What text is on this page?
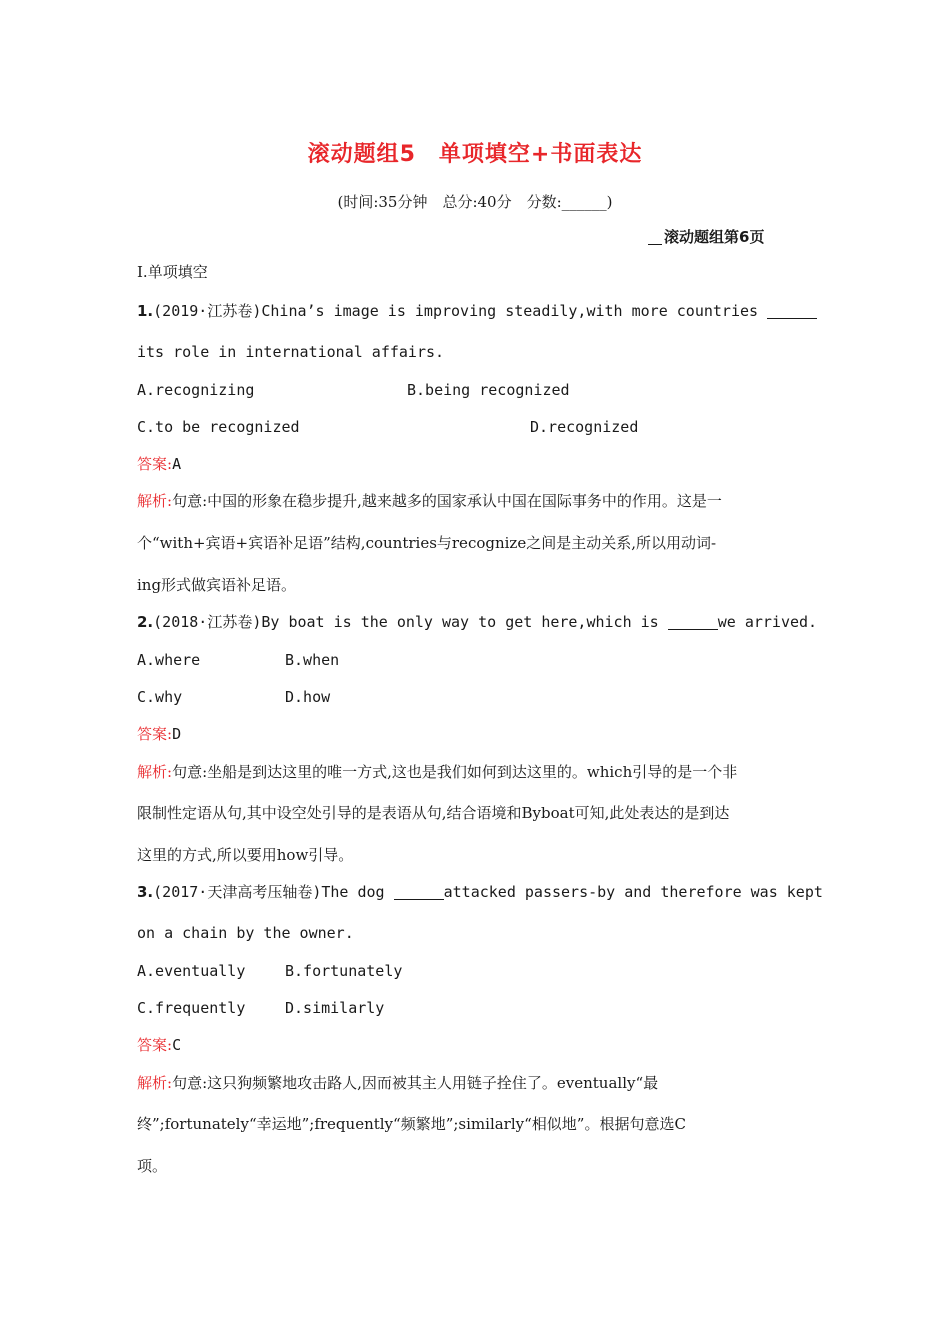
滚动题组5　单项填空+书面表达
(时间:35分钟　总分:40分　分数:______)
滚动题组第6页
Ⅰ.单项填空
1.(2019·江苏卷)China’s image is improving steadily,with more countries
its role in international affairs.
A.recognizing	B.being recognized
C.to be recognized	D.recognized
答案:A
解析:句意:中国的形象在稳步提升,越来越多的国家承认中国在国际事务中的作用。这是一
个“with+宾语+宾语补足语”结构,countries与recognize之间是主动关系,所以用动词-
ing形式做宾语补足语。
2.(2018·江苏卷)By boat is the only way to get here,which is	we arrived.
A.where	B.when
C.why	D.how
答案:D
解析:句意:坐船是到达这里的唯一方式,这也是我们如何到达这里的。which引导的是一个非
限制性定语从句,其中设空处引导的是表语从句,结合语境和Byboat可知,此处表达的是到达
这里的方式,所以要用how引导。
3.(2017·天津高考压轴卷)The dog	attacked passers-by and therefore was kept
on a chain by the owner.
A.eventually	B.fortunately
C.frequently	D.similarly
答案:C
解析:句意:这只狗频繁地攻击路人,因而被其主人用链子拴住了。eventually“最
终”;fortunately“幸运地”;frequently“频繁地”;similarly“相似地”。根据句意选C
项。
